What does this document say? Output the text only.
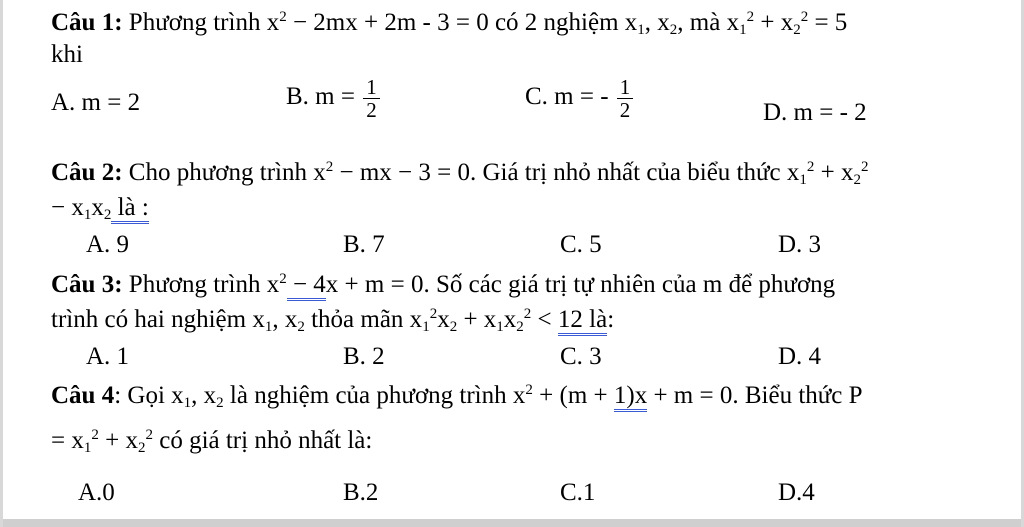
Câu 1: Phương trình $x^2 - 2mx + 2m - 3 = 0$ có 2 nghiệm $x_1$, $x_2$, mà $x_1^2 + x_2^2 = 5$
khi
A. m = 2	B. $m = \frac{1}{2}$	C. m = - $\frac{1}{2}$	D. m = - 2
Câu 2: Cho phương trình $x^2$ − mx − 3 = 0. Giá trị nhỏ nhất của biểu thức $x_1^2 + x_2^2$
− $x_1x_2$ là :
A. 9	B. 7	C. 5	D. 3
Câu 3: Phương trình $x^2 - 4x + m = 0$. Số các giá trị tự nhiên của m để phương
trình có hai nghiệm $x_1$, $x_2$ thỏa mãn $x_1^2x_2 + x_1x_2^2 < 12$ là:
A. 1	B. 2	C. 3	D. 4
Câu 4: Gọi $x_1$, $x_2$ là nghiệm của phương trình $x^2 + (m + 1)x + m = 0$. Biểu thức P
= $x_1^2 + x_2^2$ có giá trị nhỏ nhất là:
A.0	B.2	C.1	D.4
